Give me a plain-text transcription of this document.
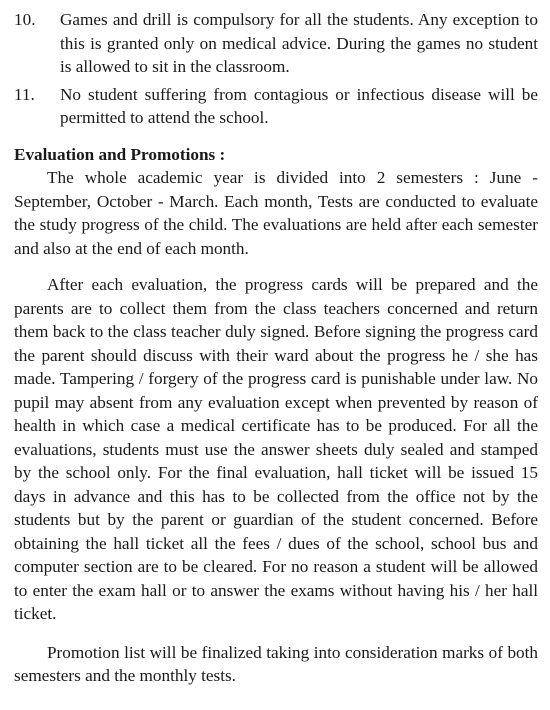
10.	Games and drill is compulsory for all the students. Any exception to this is granted only on medical advice. During the games no student is allowed to sit in the classroom.
11.	No student suffering from contagious or infectious disease will be permitted to attend the school.
Evaluation and Promotions :

The whole academic year is divided into 2 semesters : June - September, October - March. Each month, Tests are conducted to evaluate the study progress of the child. The evaluations are held after each semester and also at the end of each month.

After each evaluation, the progress cards will be prepared and the parents are to collect them from the class teachers concerned and return them back to the class teacher duly signed. Before signing the progress card the parent should discuss with their ward about the progress he / she has made. Tampering / forgery of the progress card is punishable under law. No pupil may absent from any evaluation except when prevented by reason of health in which case a medical certificate has to be produced. For all the evaluations, students must use the answer sheets duly sealed and stamped by the school only. For the final evaluation, hall ticket will be issued 15 days in advance and this has to be collected from the office not by the students but by the parent or guardian of the student concerned. Before obtaining the hall ticket all the fees / dues of the school, school bus and computer section are to be cleared. For no reason a student will be allowed to enter the exam hall or to answer the exams without having his / her hall ticket.

Promotion list will be finalized taking into consideration marks of both semesters and the monthly tests.
